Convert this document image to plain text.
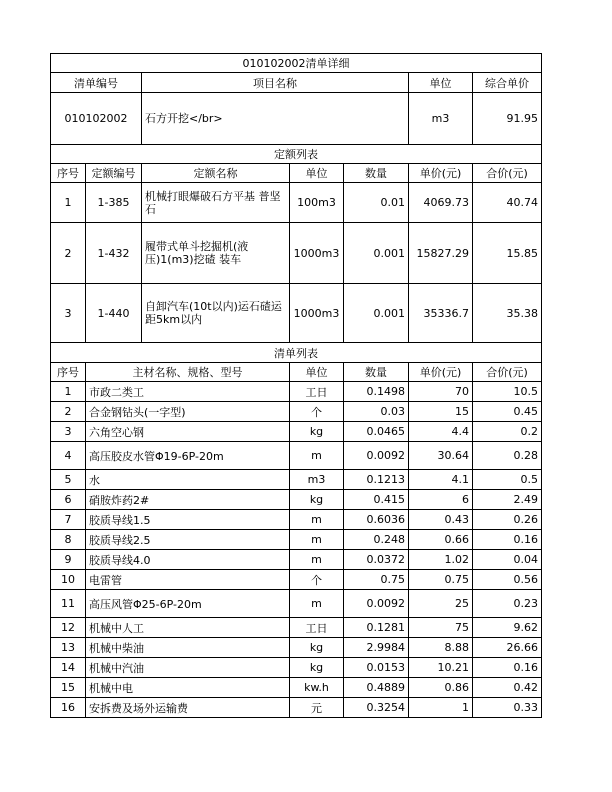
010102002清单详细			
清单编号	项目名称	单位	综合单价
010102002	石方开挖</br>	m3	91.95
定额列表						
序号	定额编号	定额名称	单位	数量	单价(元)	合价(元)
1	1-385	机械打眼爆破石方平基 普坚石	100m3	0.01	4069.73	40.74
2	1-432	履带式单斗挖掘机(液压)1(m3)挖碴 装车	1000m3	0.001	15827.29	15.85
3	1-440	自卸汽车(10t以内)运石碴运距5km以内	1000m3	0.001	35336.7	35.38
清单列表					
序号	主材名称、规格、型号	单位	数量	单价(元)	合价(元)
1	市政二类工	工日	0.1498	70	10.5
2	合金钢钻头(一字型)	个	0.03	15	0.45
3	六角空心钢	kg	0.0465	4.4	0.2
4	高压胶皮水管Φ19-6P-20m	m	0.0092	30.64	0.28
5	水	m3	0.1213	4.1	0.5
6	硝胺炸药2#	kg	0.415	6	2.49
7	胶质导线1.5	m	0.6036	0.43	0.26
8	胶质导线2.5	m	0.248	0.66	0.16
9	胶质导线4.0	m	0.0372	1.02	0.04
10	电雷管	个	0.75	0.75	0.56
11	高压风管Φ25-6P-20m	m	0.0092	25	0.23
12	机械中人工	工日	0.1281	75	9.62
13	机械中柴油	kg	2.9984	8.88	26.66
14	机械中汽油	kg	0.0153	10.21	0.16
15	机械中电	kw.h	0.4889	0.86	0.42
16	安拆费及场外运输费	元	0.3254	1	0.33
